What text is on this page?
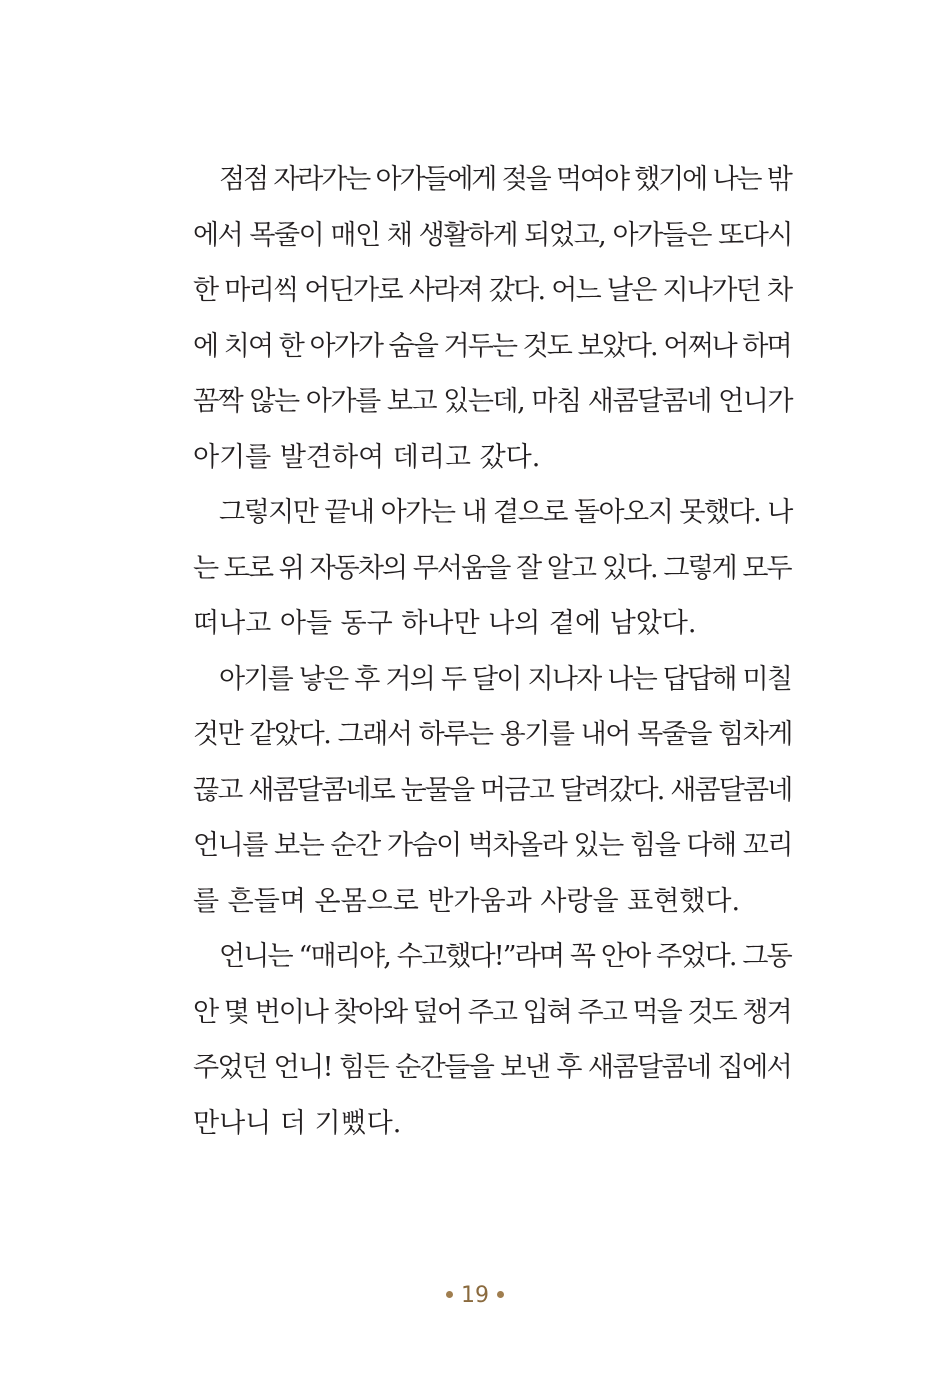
점점 자라가는 아가들에게 젖을 먹여야 했기에 나는 밖
에서 목줄이 매인 채 생활하게 되었고, 아가들은 또다시
한 마리씩 어딘가로 사라져 갔다. 어느 날은 지나가던 차
에 치여 한 아가가 숨을 거두는 것도 보았다. 어쩌나 하며
꼼짝 않는 아가를 보고 있는데, 마침 새콤달콤네 언니가
아기를 발견하여 데리고 갔다.

그렇지만 끝내 아가는 내 곁으로 돌아오지 못했다. 나
는 도로 위 자동차의 무서움을 잘 알고 있다. 그렇게 모두
떠나고 아들 동구 하나만 나의 곁에 남았다.

아기를 낳은 후 거의 두 달이 지나자 나는 답답해 미칠
것만 같았다. 그래서 하루는 용기를 내어 목줄을 힘차게
끊고 새콤달콤네로 눈물을 머금고 달려갔다. 새콤달콤네
언니를 보는 순간 가슴이 벅차올라 있는 힘을 다해 꼬리
를 흔들며 온몸으로 반가움과 사랑을 표현했다.

언니는 “매리야, 수고했다!”라며 꼭 안아 주었다. 그동
안 몇 번이나 찾아와 덮어 주고 입혀 주고 먹을 것도 챙겨
주었던 언니! 힘든 순간들을 보낸 후 새콤달콤네 집에서
만나니 더 기뻤다.

19
